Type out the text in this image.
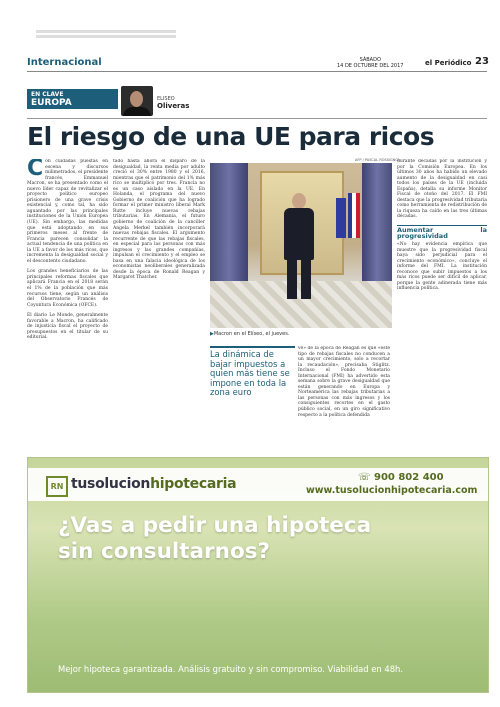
Internacional	SÁBADO
14 DE OCTUBRE DEL 2017	el Periódico 23
EN CLAVE
EUROPA	ELISEO
Oliveras
El riesgo de una UE para ricos

Con cuidadas puestas en escena y discursos milimetrados, el presidente francés, Emmanuel Macron, se ha presentado como el nuevo líder capaz de revitalizar el proyecto político europeo prisionero de una grave crisis existencial y, como tal, ha sido aguantado por las principales instituciones de la Unión Europea (UE). Sin embargo, las medidas que está adoptando en sus primeros meses al frente de Francia parecen consolidar la actual tendencia de una política en la UE a favor de los más ricos, que incrementa la desigualdad social y el descontento ciudadano.

Los grandes beneficiarios de las principales reformas fiscales que aplicará Francia en el 2018 serán el 1% de la población que más recursos tiene, según un análisis del Observatorio Francés de Coyuntura Económica (OFCE).

El diario Le Monde, generalmente favorable a Macron, ha calificado de injusticia fiscal el proyecto de presupuestos en el titular de su editorial.

tado hasta ahora el disparo de la desigualdad, la renta media por adulto creció el 30% entre 1980 y el 2016, mientras que el patrimonio del 1% más rico se multiplicó por tres. Francia no es un caso aislado en la UE. En Holanda, el programa del nuevo Gobierno de coalición que ha logrado formar el primer ministro liberal Mark Rutte incluye nuevas rebajas tributarias. En Alemania, el futuro gobierno de coalición de la canciller Angela Merkel también incorporará nuevas rebajas fiscales. El argumento recurrente de que las rebajas fiscales, en especial para las personas con más ingresos y las grandes compañías, impulsan el crecimiento y el empleo se basa en una falacia ideológica de los economistas neoliberales generalizada desde la época de Ronald Reagan y Margaret Thatcher.

AFP / PASCAL ROSSIGNOL
▶Macron en el Elíseo, el jueves.
La dinámica de bajar impuestos a quien más tiene se impone en toda la zona euro

ve» de la época de Reagan es que «este tipo de rebajas fiscales no conducen a un mayor crecimiento, solo a recortar la recaudación», precisaba Stiglitz. Incluso el Fondo Monetario Internacional (FMI) ha advertido esta semana sobre la grave desigualdad que están generando en Europa y Norteamérica las rebajas tributarias a las personas con más ingresos y los consiguientes recortes en el gasto público social, en un giro significativo respecto a la política defendida

durante décadas por la institución y por la Comisión Europea. En los últimos 30 años ha habido un elevado aumento de la desigualdad en casi todos los países de la UE (incluida España), detalla su informe Monitor Fiscal de otoño del 2017. El FMI destaca que la progresividad tributaria como herramienta de redistribución de la riqueza ha caído en las tres últimas décadas.

Aumentar la progresividad

«No hay evidencia empírica que muestre que la progresividad fiscal haya sido perjudicial para el crecimiento económico», concluye el informe del FMI. La institución reconoce que subir impuestos a los más ricos puede ser difícil de aplicar, porque la gente adinerada tiene más influencia política.

RN tusolucionhipotecaria	☏ 900 802 400
www.tusolucionhipotecaria.com
¿Vas a pedir una hipoteca sin consultarnos?
Mejor hipoteca garantizada. Análisis gratuito y sin compromiso. Viabilidad en 48h.
